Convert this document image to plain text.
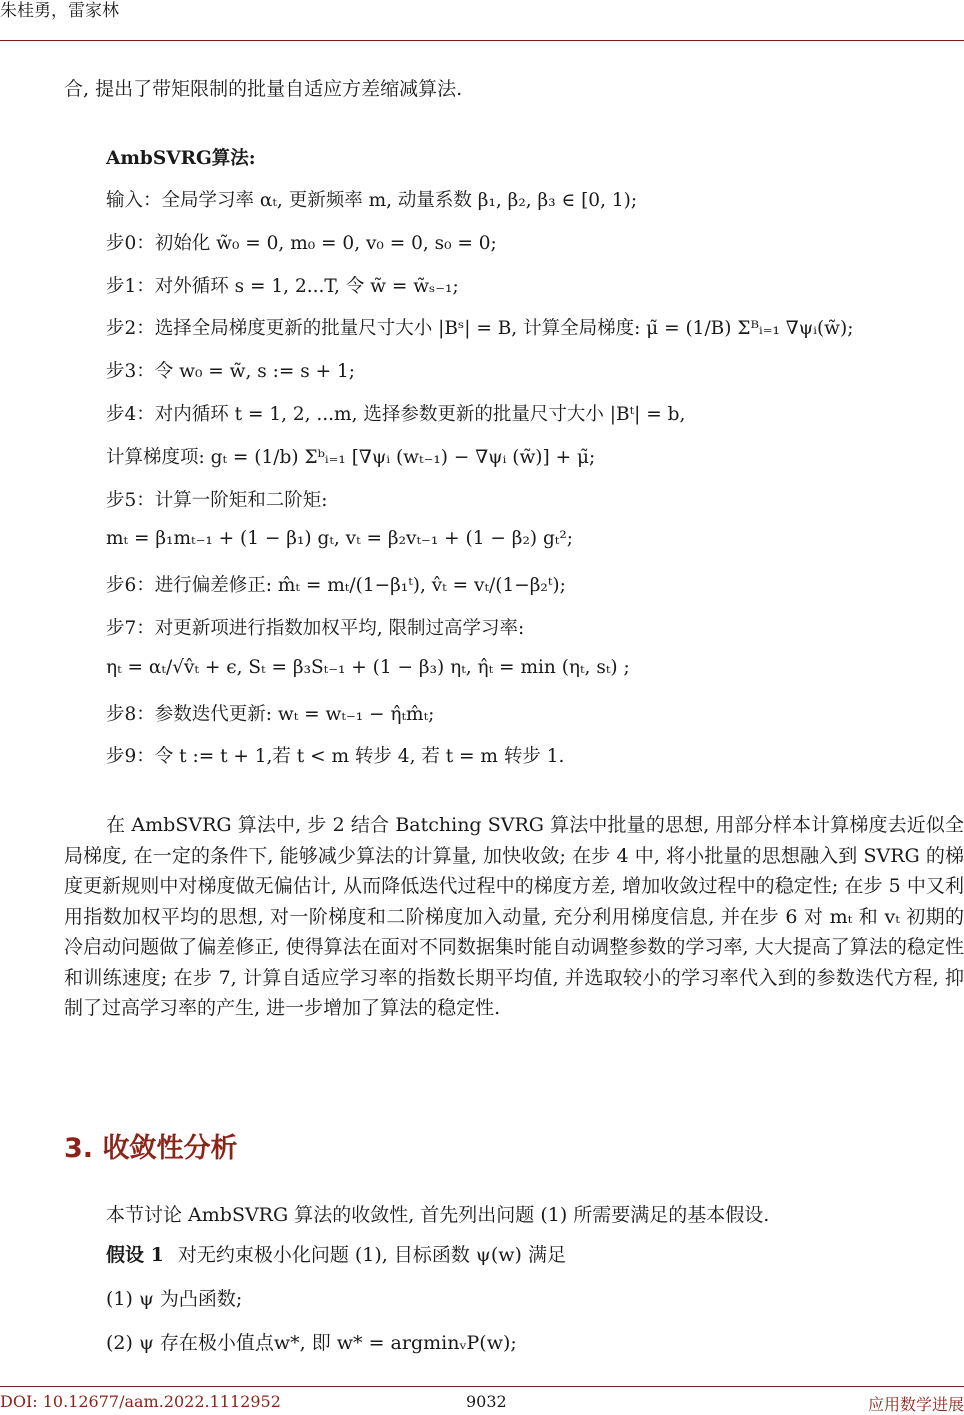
朱桂勇，雷家林
合, 提出了带矩限制的批量自适应方差缩减算法.
AmbSVRG算法:
输入：全局学习率 αₜ, 更新频率 m, 动量系数 β₁, β₂, β₃ ∈ [0, 1);
步0：初始化 w̃₀ = 0, m₀ = 0, v₀ = 0, s₀ = 0;
步1：对外循环 s = 1, 2...T, 令 w̃ = w̃ₛ₋₁;
步2：选择全局梯度更新的批量尺寸大小 |Bˢ| = B, 计算全局梯度: μ̃ = (1/B) Σᴮᵢ₌₁ ∇ψᵢ(w̃);
步3：令 w₀ = w̃, s := s + 1;
步4：对内循环 t = 1, 2, ...m, 选择参数更新的批量尺寸大小 |Bᵗ| = b,
计算梯度项: gₜ = (1/b) Σᵇᵢ₌₁ [∇ψᵢ (wₜ₋₁) − ∇ψᵢ (w̃)] + μ̃;
步5：计算一阶矩和二阶矩:
mₜ = β₁mₜ₋₁ + (1 − β₁) gₜ, vₜ = β₂vₜ₋₁ + (1 − β₂) gₜ²;
步6：进行偏差修正: m̂ₜ = mₜ/(1−β₁ᵗ), v̂ₜ = vₜ/(1−β₂ᵗ);
步7：对更新项进行指数加权平均, 限制过高学习率:
ηₜ = αₜ/√v̂ₜ + ϵ, Sₜ = β₃Sₜ₋₁ + (1 − β₃) ηₜ, η̂ₜ = min (ηₜ, sₜ) ;
步8：参数迭代更新: wₜ = wₜ₋₁ − η̂ₜm̂ₜ;
步9：令 t := t + 1,若 t < m 转步 4, 若 t = m 转步 1.
在 AmbSVRG 算法中, 步 2 结合 Batching SVRG 算法中批量的思想, 用部分样本计算梯度去近似全局梯度, 在一定的条件下, 能够减少算法的计算量, 加快收敛; 在步 4 中, 将小批量的思想融入到 SVRG 的梯度更新规则中对梯度做无偏估计, 从而降低迭代过程中的梯度方差, 增加收敛过程中的稳定性; 在步 5 中又利用指数加权平均的思想, 对一阶梯度和二阶梯度加入动量, 充分利用梯度信息, 并在步 6 对 mₜ 和 vₜ 初期的冷启动问题做了偏差修正, 使得算法在面对不同数据集时能自动调整参数的学习率, 大大提高了算法的稳定性和训练速度; 在步 7, 计算自适应学习率的指数长期平均值, 并选取较小的学习率代入到的参数迭代方程, 抑制了过高学习率的产生, 进一步增加了算法的稳定性.
3. 收敛性分析
本节讨论 AmbSVRG 算法的收敛性, 首先列出问题 (1) 所需要满足的基本假设.
假设 1 对无约束极小化问题 (1), 目标函数 ψ(w) 满足
(1) ψ 为凸函数;
(2) ψ 存在极小值点w*, 即 w* = argminᵥP(w);
DOI: 10.12677/aam.2022.1112952	9032	应用数学进展
